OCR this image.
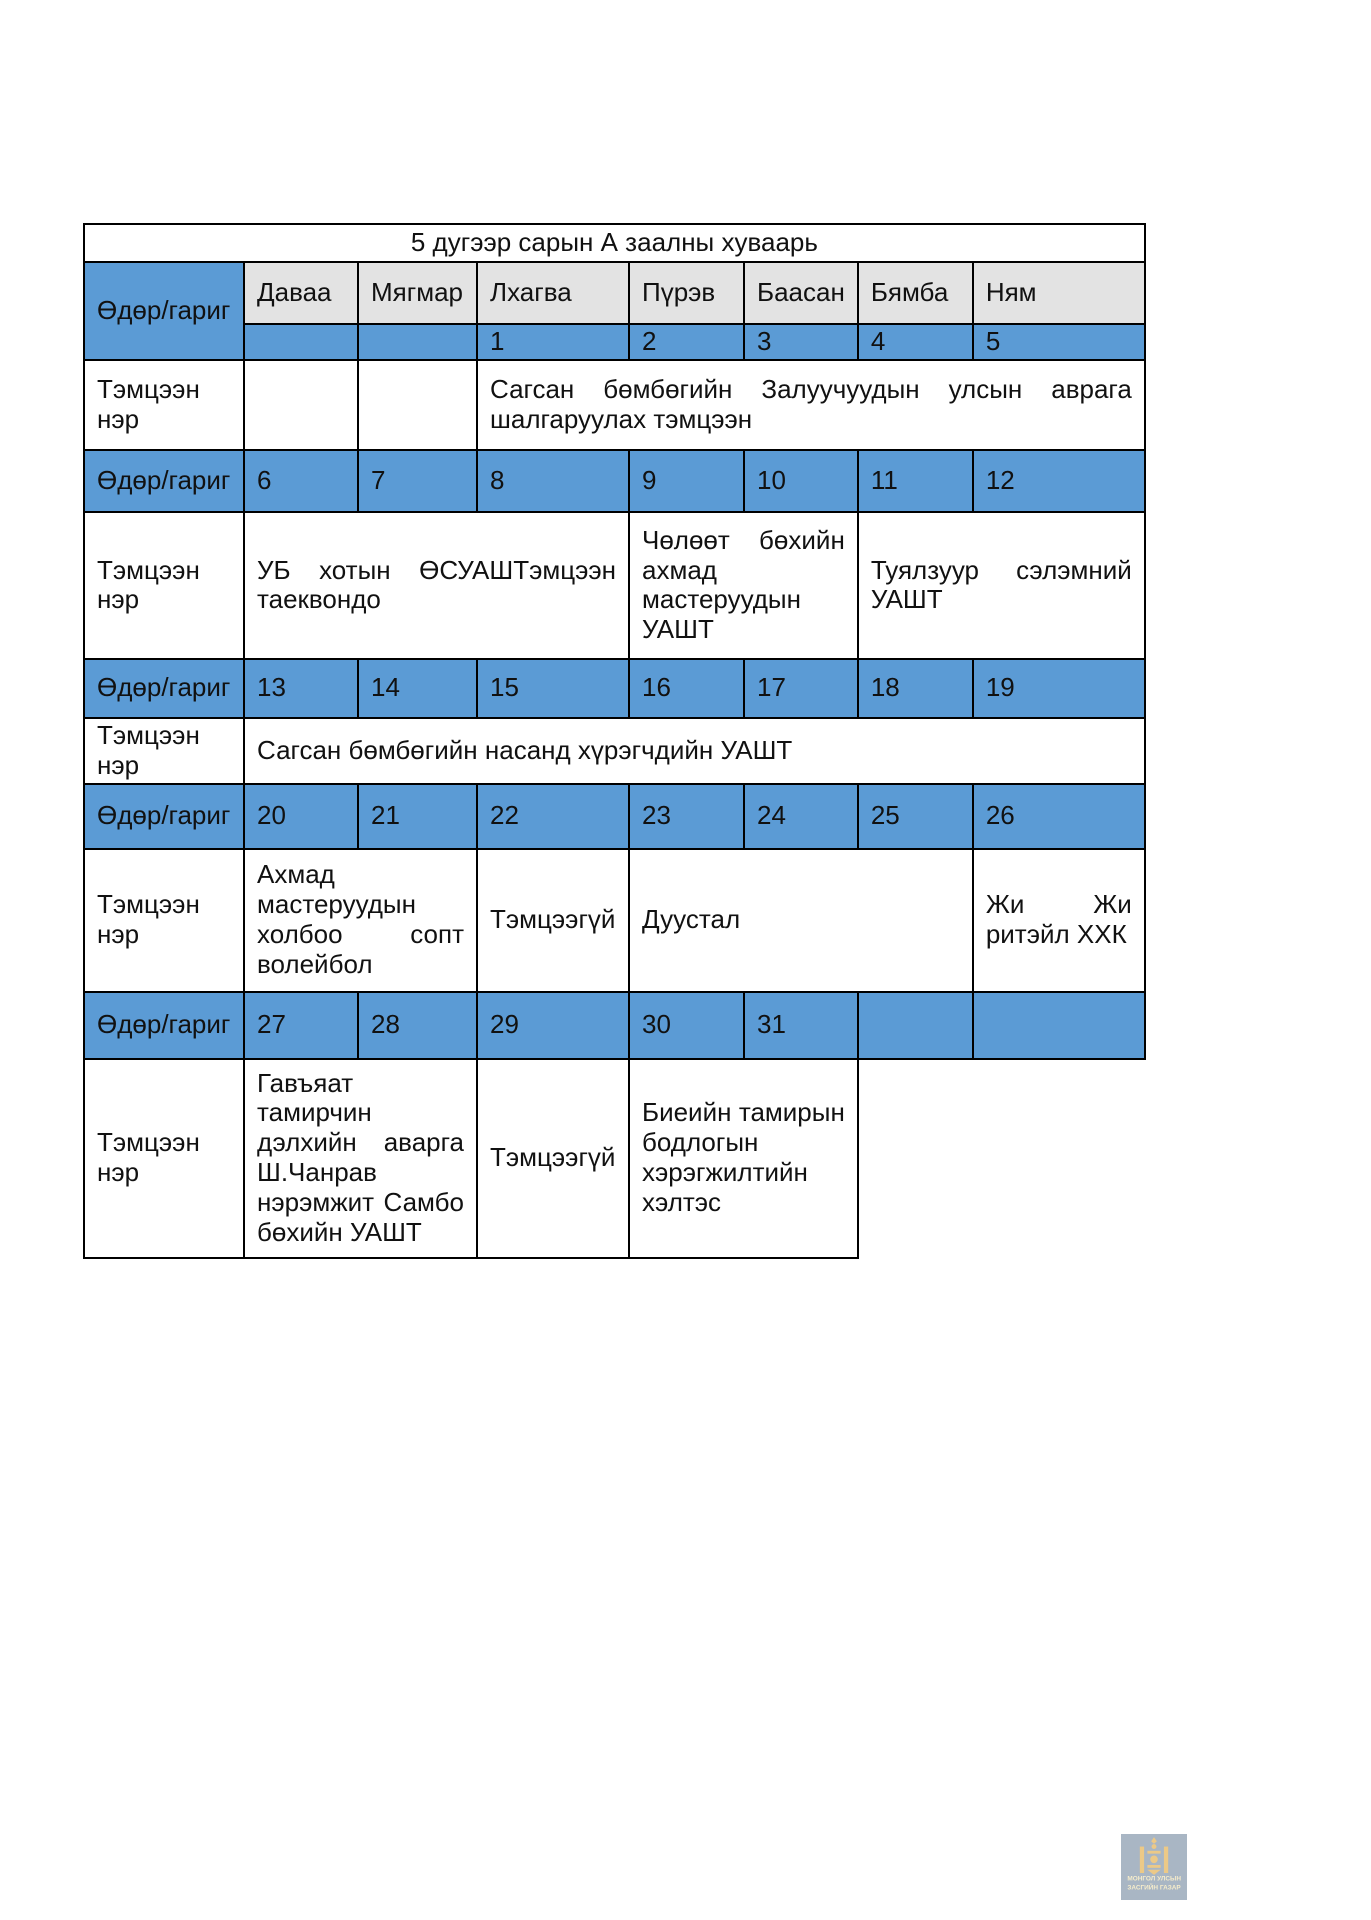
5 дугээр сарын А заалны хуваарь							
Өдөр/гариг	Даваа	Мягмар	Лхагва	Пүрэв	Баасан	Бямба	Ням
			1	2	3	4	5
Тэмцээн нэр			Сагсан бөмбөгийн Залуучуудын улсын аврага шалгаруулах тэмцээн				
Өдөр/гариг	6	7	8	9	10	11	12
Тэмцээн нэр	УБ хотын ӨСУАШТэмцээн таеквондо			Чөлөөт бөхийн ахмад мастеруудын УАШТ		Туялзуур сэлэмний УАШТ	
Өдөр/гариг	13	14	15	16	17	18	19
Тэмцээн нэр	Сагсан бөмбөгийн насанд хүрэгчдийн УАШТ						
Өдөр/гариг	20	21	22	23	24	25	26
Тэмцээн нэр	Ахмад мастеруудын холбоо сопт волейбол		Тэмцээгүй	Дуустал			Жи Жи ритэйл ХХК
Өдөр/гариг	27	28	29	30	31		
Тэмцээн нэр	Гавъяат тамирчин дэлхийн аварга Ш.Чанрав нэрэмжит Самбо бөхийн УАШТ		Тэмцээгүй	Биеийн тамирын бодлогын хэрэгжилтийн хэлтэс			
МОНГОЛ УЛСЫН
ЗАСГИЙН ГАЗАР
